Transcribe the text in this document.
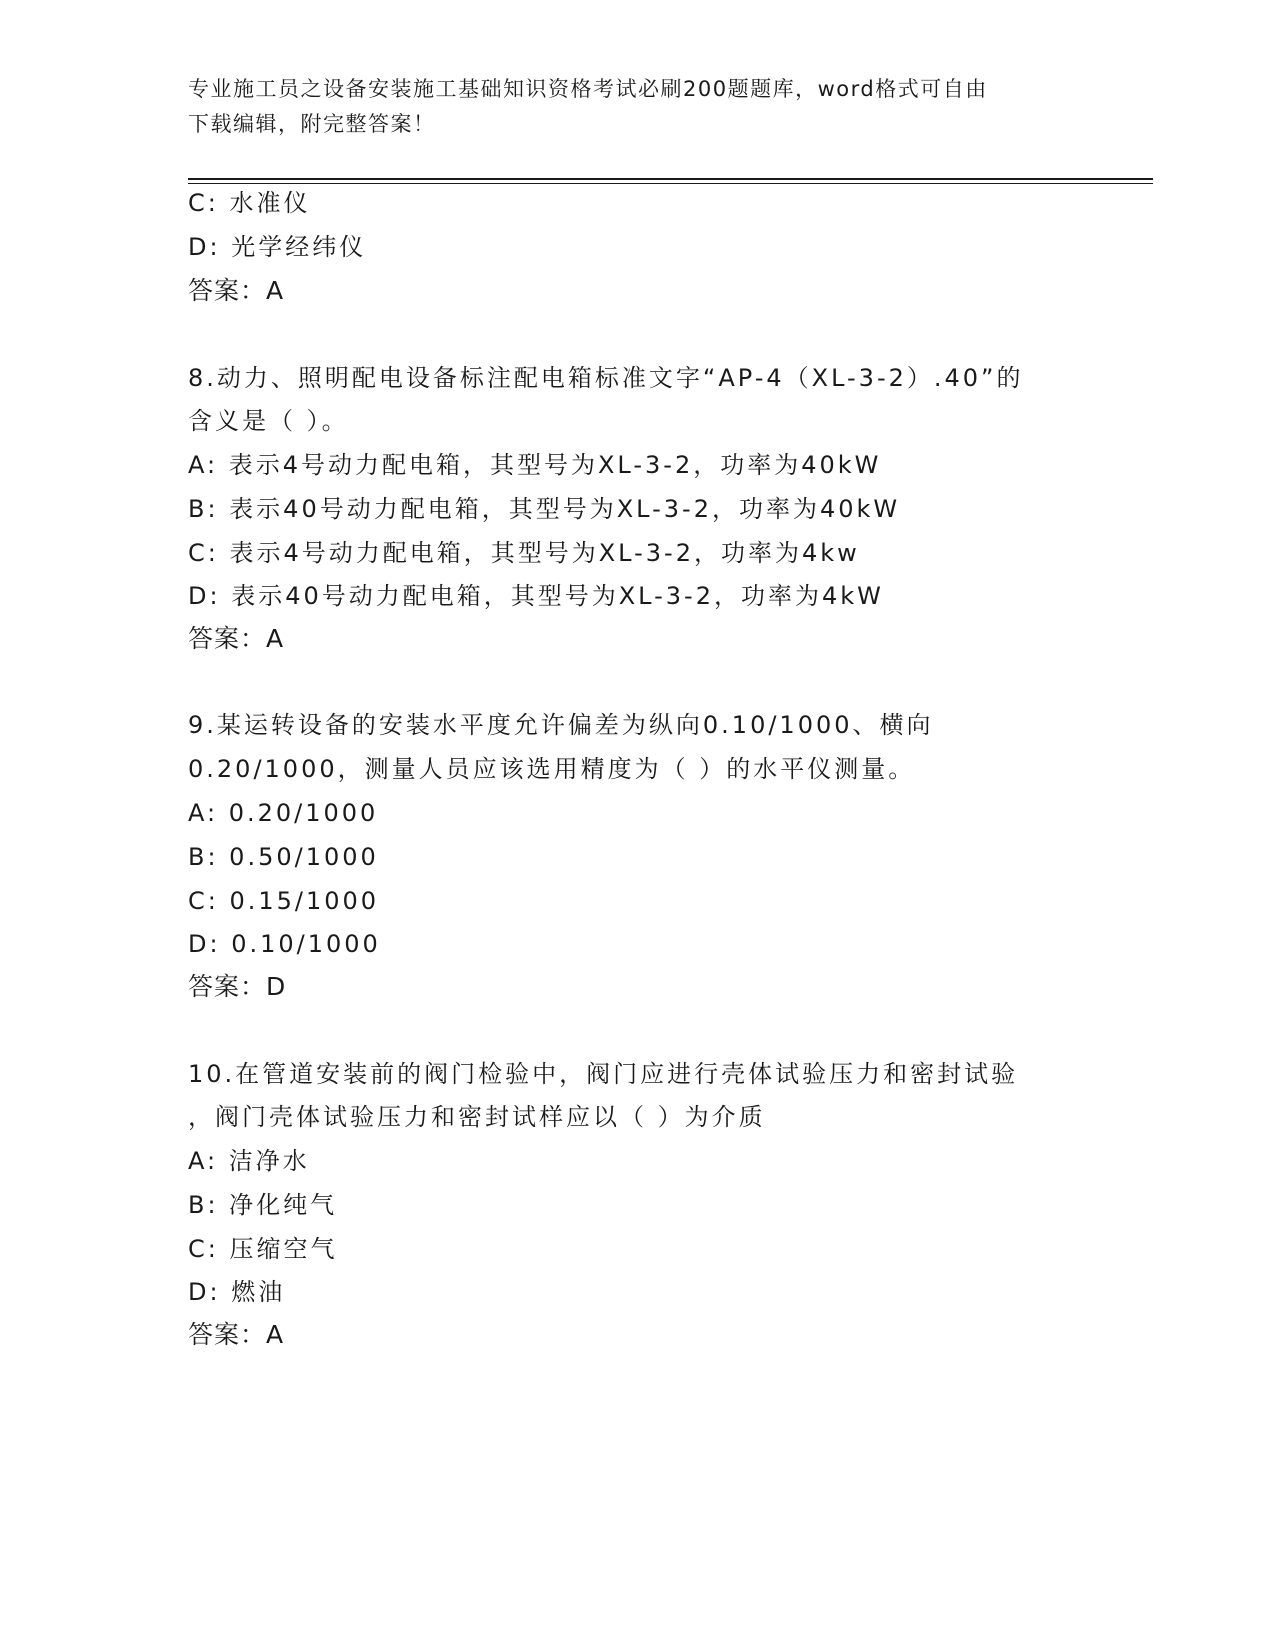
专业施工员之设备安装施工基础知识资格考试必刷200题题库，word格式可自由
下载编辑，附完整答案！
C: 水准仪
D: 光学经纬仪
答案：A
8.动力、照明配电设备标注配电箱标准文字“AP-4（XL-3-2）.40”的
含义是（ ）。
A: 表示4号动力配电箱，其型号为XL-3-2，功率为40kW
B: 表示40号动力配电箱，其型号为XL-3-2，功率为40kW
C: 表示4号动力配电箱，其型号为XL-3-2，功率为4kw
D: 表示40号动力配电箱，其型号为XL-3-2，功率为4kW
答案：A
9.某运转设备的安装水平度允许偏差为纵向0.10/1000、横向
0.20/1000，测量人员应该选用精度为（ ）的水平仪测量。
A: 0.20/1000
B: 0.50/1000
C: 0.15/1000
D: 0.10/1000
答案：D
10.在管道安装前的阀门检验中，阀门应进行壳体试验压力和密封试验
，阀门壳体试验压力和密封试样应以（ ）为介质
A: 洁净水
B: 净化纯气
C: 压缩空气
D: 燃油
答案：A
